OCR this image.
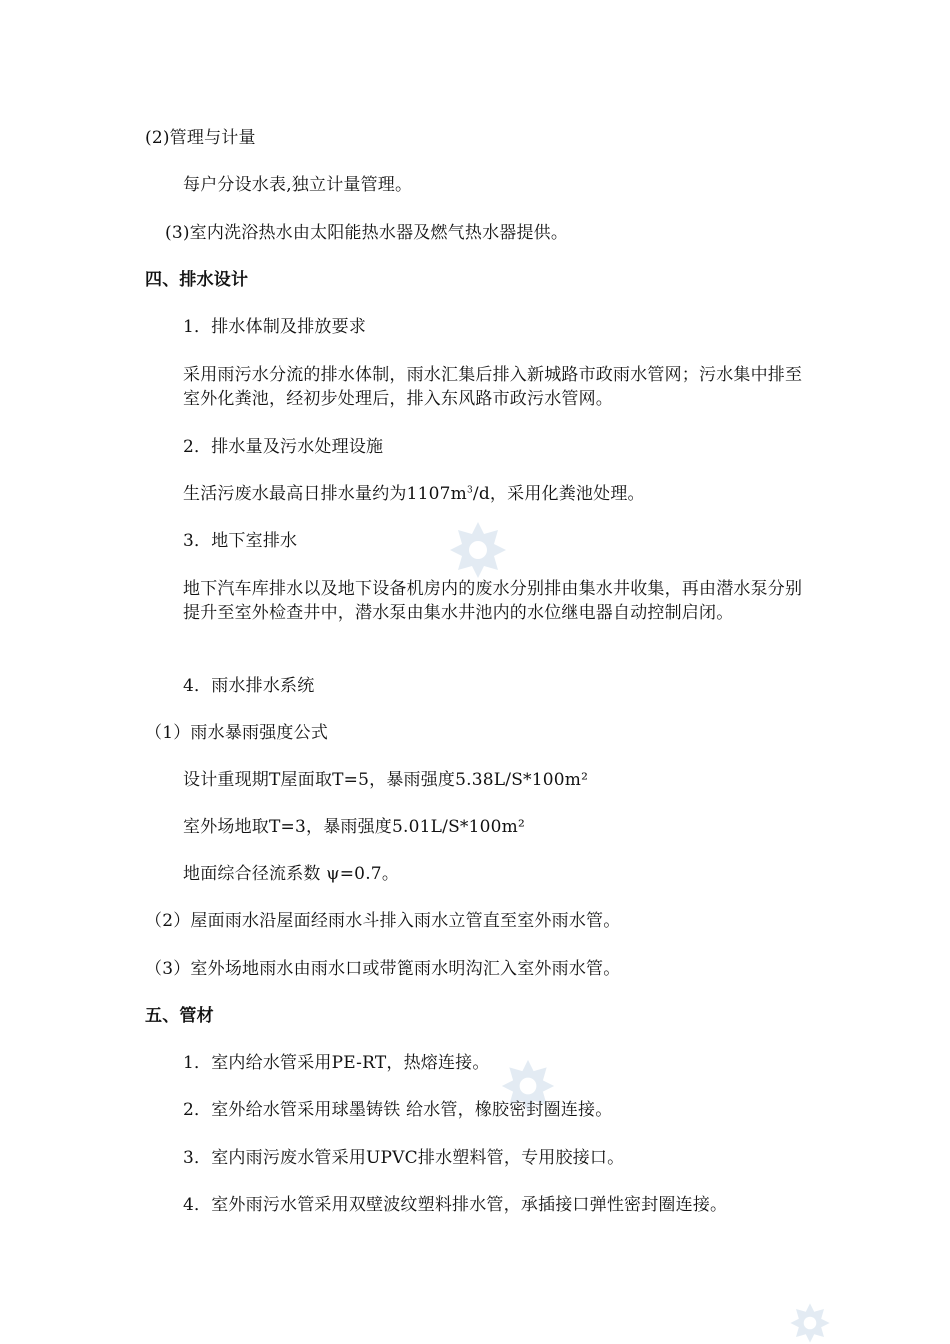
(2)管理与计量
每户分设水表,独立计量管理。
(3)室内洗浴热水由太阳能热水器及燃气热水器提供。
四、排水设计
1．排水体制及排放要求
采用雨污水分流的排水体制，雨水汇集后排入新城路市政雨水管网；污水集中排至室外化粪池，经初步处理后，排入东风路市政污水管网。
2．排水量及污水处理设施
生活污废水最高日排水量约为$1107m^3/d$，采用化粪池处理。
3．地下室排水
地下汽车库排水以及地下设备机房内的废水分别排由集水井收集，再由潜水泵分别提升至室外检查井中，潜水泵由集水井池内的水位继电器自动控制启闭。
4．雨水排水系统
（1）雨水暴雨强度公式
设计重现期T屋面取T=5，暴雨强度5.38L/S*100m²
室外场地取T=3，暴雨强度5.01L/S*100m²
地面综合径流系数 ψ=0.7。
（2）屋面雨水沿屋面经雨水斗排入雨水立管直至室外雨水管。
（3）室外场地雨水由雨水口或带篦雨水明沟汇入室外雨水管。
五、管材
1．室内给水管采用PE-RT，热熔连接。
2．室外给水管采用球墨铸铁 给水管，橡胶密封圈连接。
3．室内雨污废水管采用UPVC排水塑料管，专用胶接口。
4．室外雨污水管采用双壁波纹塑料排水管，承插接口弹性密封圈连接。
